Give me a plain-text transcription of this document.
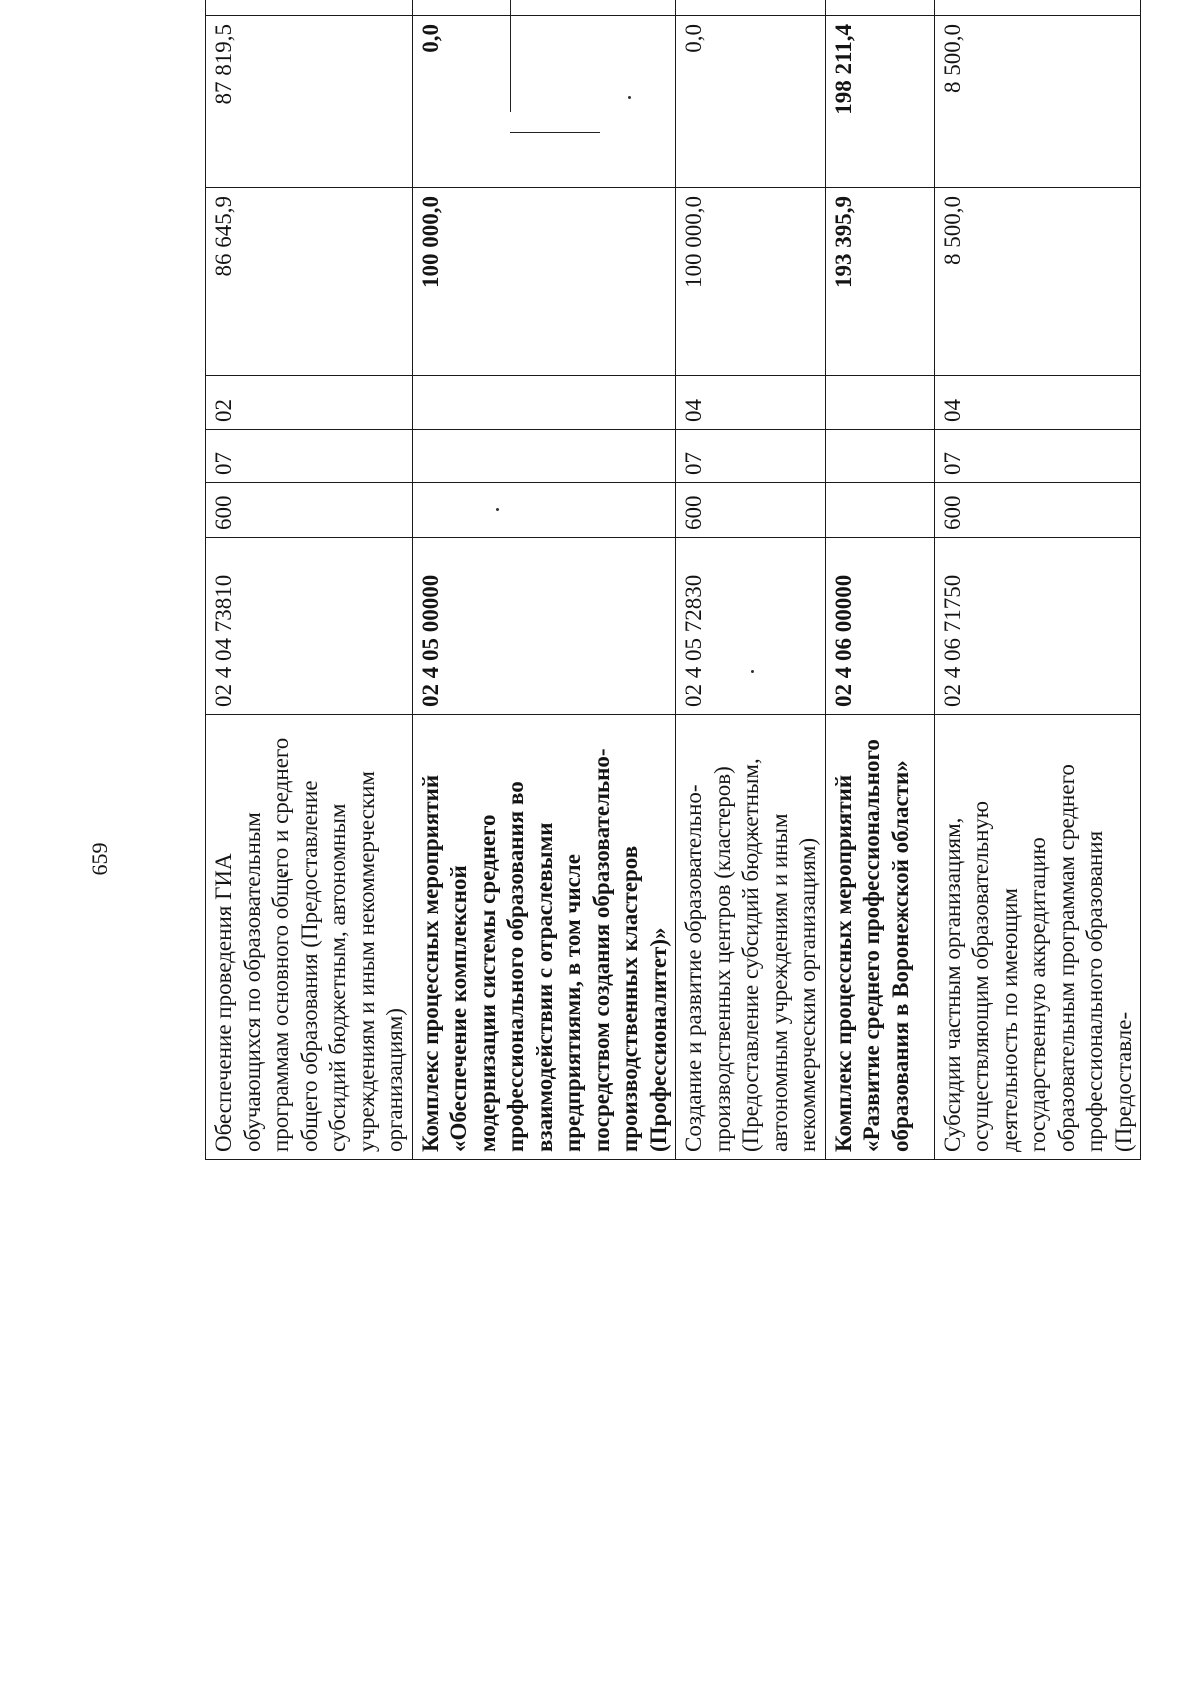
659	Обеспечение проведения ГИА обучающихся по образовательным программам основного общего и среднего общего образования (Предоставление субсидий бюджетным, автономным учреждениям и иным некоммерческим организациям)	02 4 04 73810	600	07	02	86 645,9	87 819,5	
Комплекс процессных мероприятий «Обеспечение комплексной модернизации системы среднего профессионального образования во взаимодействии с отраслевыми предприятиями, в том числе посредством создания образовательно-производственных кластеров (Профессионалитет)»	02 4 05 00000				100 000,0	0,0	
Создание и развитие образовательно-производственных центров (кластеров) (Предоставление субсидий бюджетным, автономным учреждениям и иным некоммерческим организациям)	02 4 05 72830	600	07	04	100 000,0	0,0	
Комплекс процессных мероприятий «Развитие среднего профессионального образования в Воронежской области»	02 4 06 00000				193 395,9	198 211,4	
Субсидии частным организациям, осуществляющим образовательную деятельность по имеющим государственную аккредитацию образовательным программам среднего профессионального образования (Предоставле-	02 4 06 71750	600	07	04	8 500,0	8 500,0	
